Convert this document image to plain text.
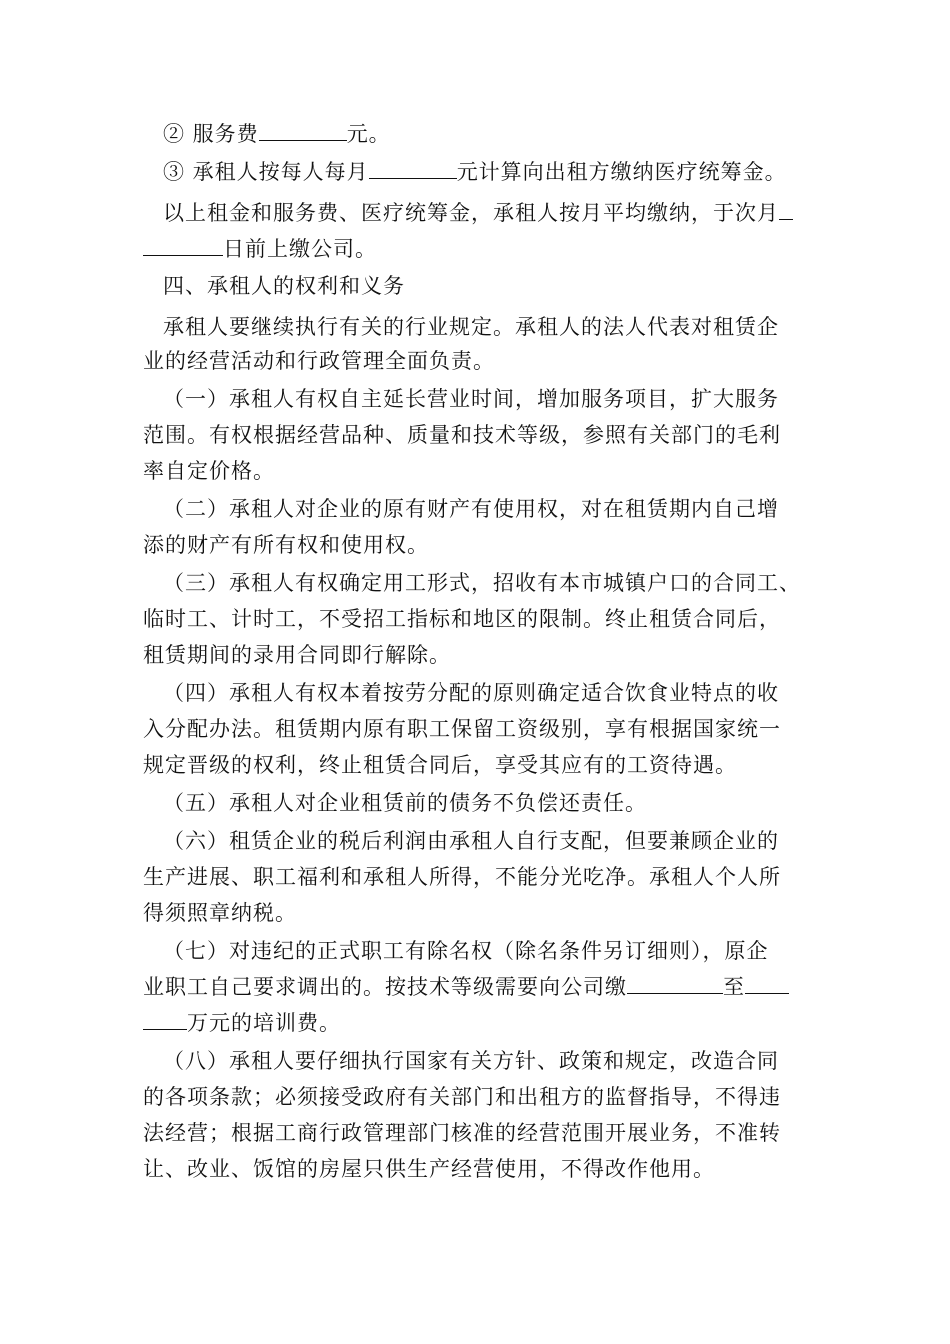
② 服务费	元。
③ 承租人按每人每月	元计算向出租方缴纳医疗统筹金。
以上租金和服务费、医疗统筹金，承租人按月平均缴纳，于次月
日前上缴公司。
四、承租人的权利和义务
承租人要继续执行有关的行业规定。承租人的法人代表对租赁企
业的经营活动和行政管理全面负责。
（一）承租人有权自主延长营业时间，增加服务项目，扩大服务
范围。有权根据经营品种、质量和技术等级，参照有关部门的毛利
率自定价格。
（二）承租人对企业的原有财产有使用权，对在租赁期内自己增
添的财产有所有权和使用权。
（三）承租人有权确定用工形式，招收有本市城镇户口的合同工、
临时工、计时工，不受招工指标和地区的限制。终止租赁合同后，
租赁期间的录用合同即行解除。
（四）承租人有权本着按劳分配的原则确定适合饮食业特点的收
入分配办法。租赁期内原有职工保留工资级别，享有根据国家统一
规定晋级的权利，终止租赁合同后，享受其应有的工资待遇。
（五）承租人对企业租赁前的债务不负偿还责任。
（六）租赁企业的税后利润由承租人自行支配，但要兼顾企业的
生产进展、职工福利和承租人所得，不能分光吃净。承租人个人所
得须照章纳税。
（七）对违纪的正式职工有除名权（除名条件另订细则），原企
业职工自己要求调出的。按技术等级需要向公司缴	至
万元的培训费。
（八）承租人要仔细执行国家有关方针、政策和规定，改造合同
的各项条款；必须接受政府有关部门和出租方的监督指导，不得违
法经营；根据工商行政管理部门核准的经营范围开展业务，不准转
让、改业、饭馆的房屋只供生产经营使用，不得改作他用。
